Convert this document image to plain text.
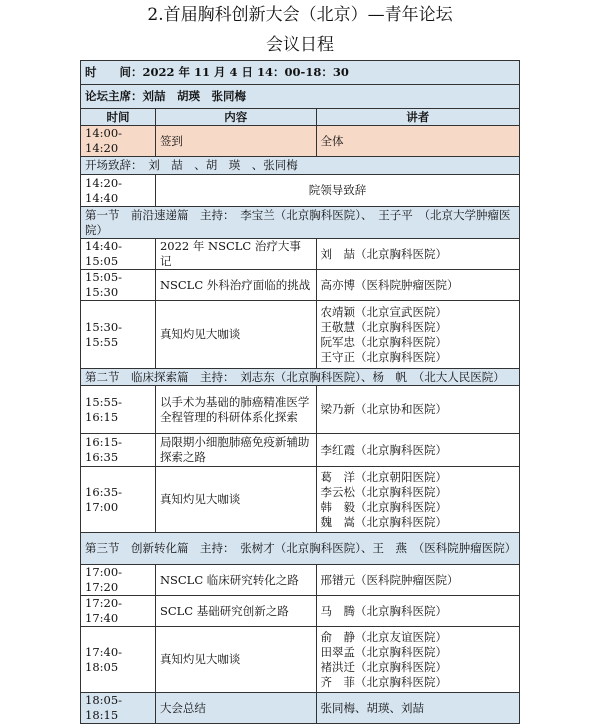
2.首届胸科创新大会（北京）—青年论坛
会议日程
时　　间：2022 年 11 月 4 日 14：00-18：30		
论坛主席：刘喆　胡瑛　张同梅		
时间	内容	讲者
14:00-14:20	签到	全体
开场致辞：　刘　喆　、胡　瑛　、张同梅		
14:20-14:40	院领导致辞	
第一节　前沿速递篇　主持：　李宝兰（北京胸科医院）、　王子平　（北京大学肿瘤医院）		
14:40-15:05	2022 年 NSCLC 治疗大事记	刘　喆（北京胸科医院）
15:05-15:30	NSCLC 外科治疗面临的挑战	高亦博（医科院肿瘤医院）
15:30-15:55	真知灼见大咖谈	农靖颖（北京宣武医院）
王敬慧（北京胸科医院）
阮军忠（北京胸科医院）
王守正（北京胸科医院）

第二节　临床探索篇　主持：　刘志东（北京胸科医院）、杨　帆　（北大人民医院）		
15:55-16:15	以手术为基础的肺癌精准医学全程管理的科研体系化探索	梁乃新（北京协和医院）
16:15-16:35	局限期小细胞肺癌免疫新辅助探索之路	李红霞（北京胸科医院）
16:35-17:00	真知灼见大咖谈	葛　洋（北京朝阳医院）
李云松（北京胸科医院）
韩　毅（北京胸科医院）
魏　嵩（北京胸科医院）

第三节　创新转化篇　主持：　张树才（北京胸科医院）、王　燕　（医科院肿瘤医院）		
17:00-17:20	NSCLC 临床研究转化之路	邢镨元（医科院肿瘤医院）
17:20-17:40	SCLC 基础研究创新之路	马　腾（北京胸科医院）
17:40-18:05	真知灼见大咖谈	俞　静（北京友谊医院）
田翠孟（北京胸科医院）
褚洪迁（北京胸科医院）
齐　菲（北京胸科医院）

18:05-18:15	大会总结	张同梅、胡瑛、刘喆
